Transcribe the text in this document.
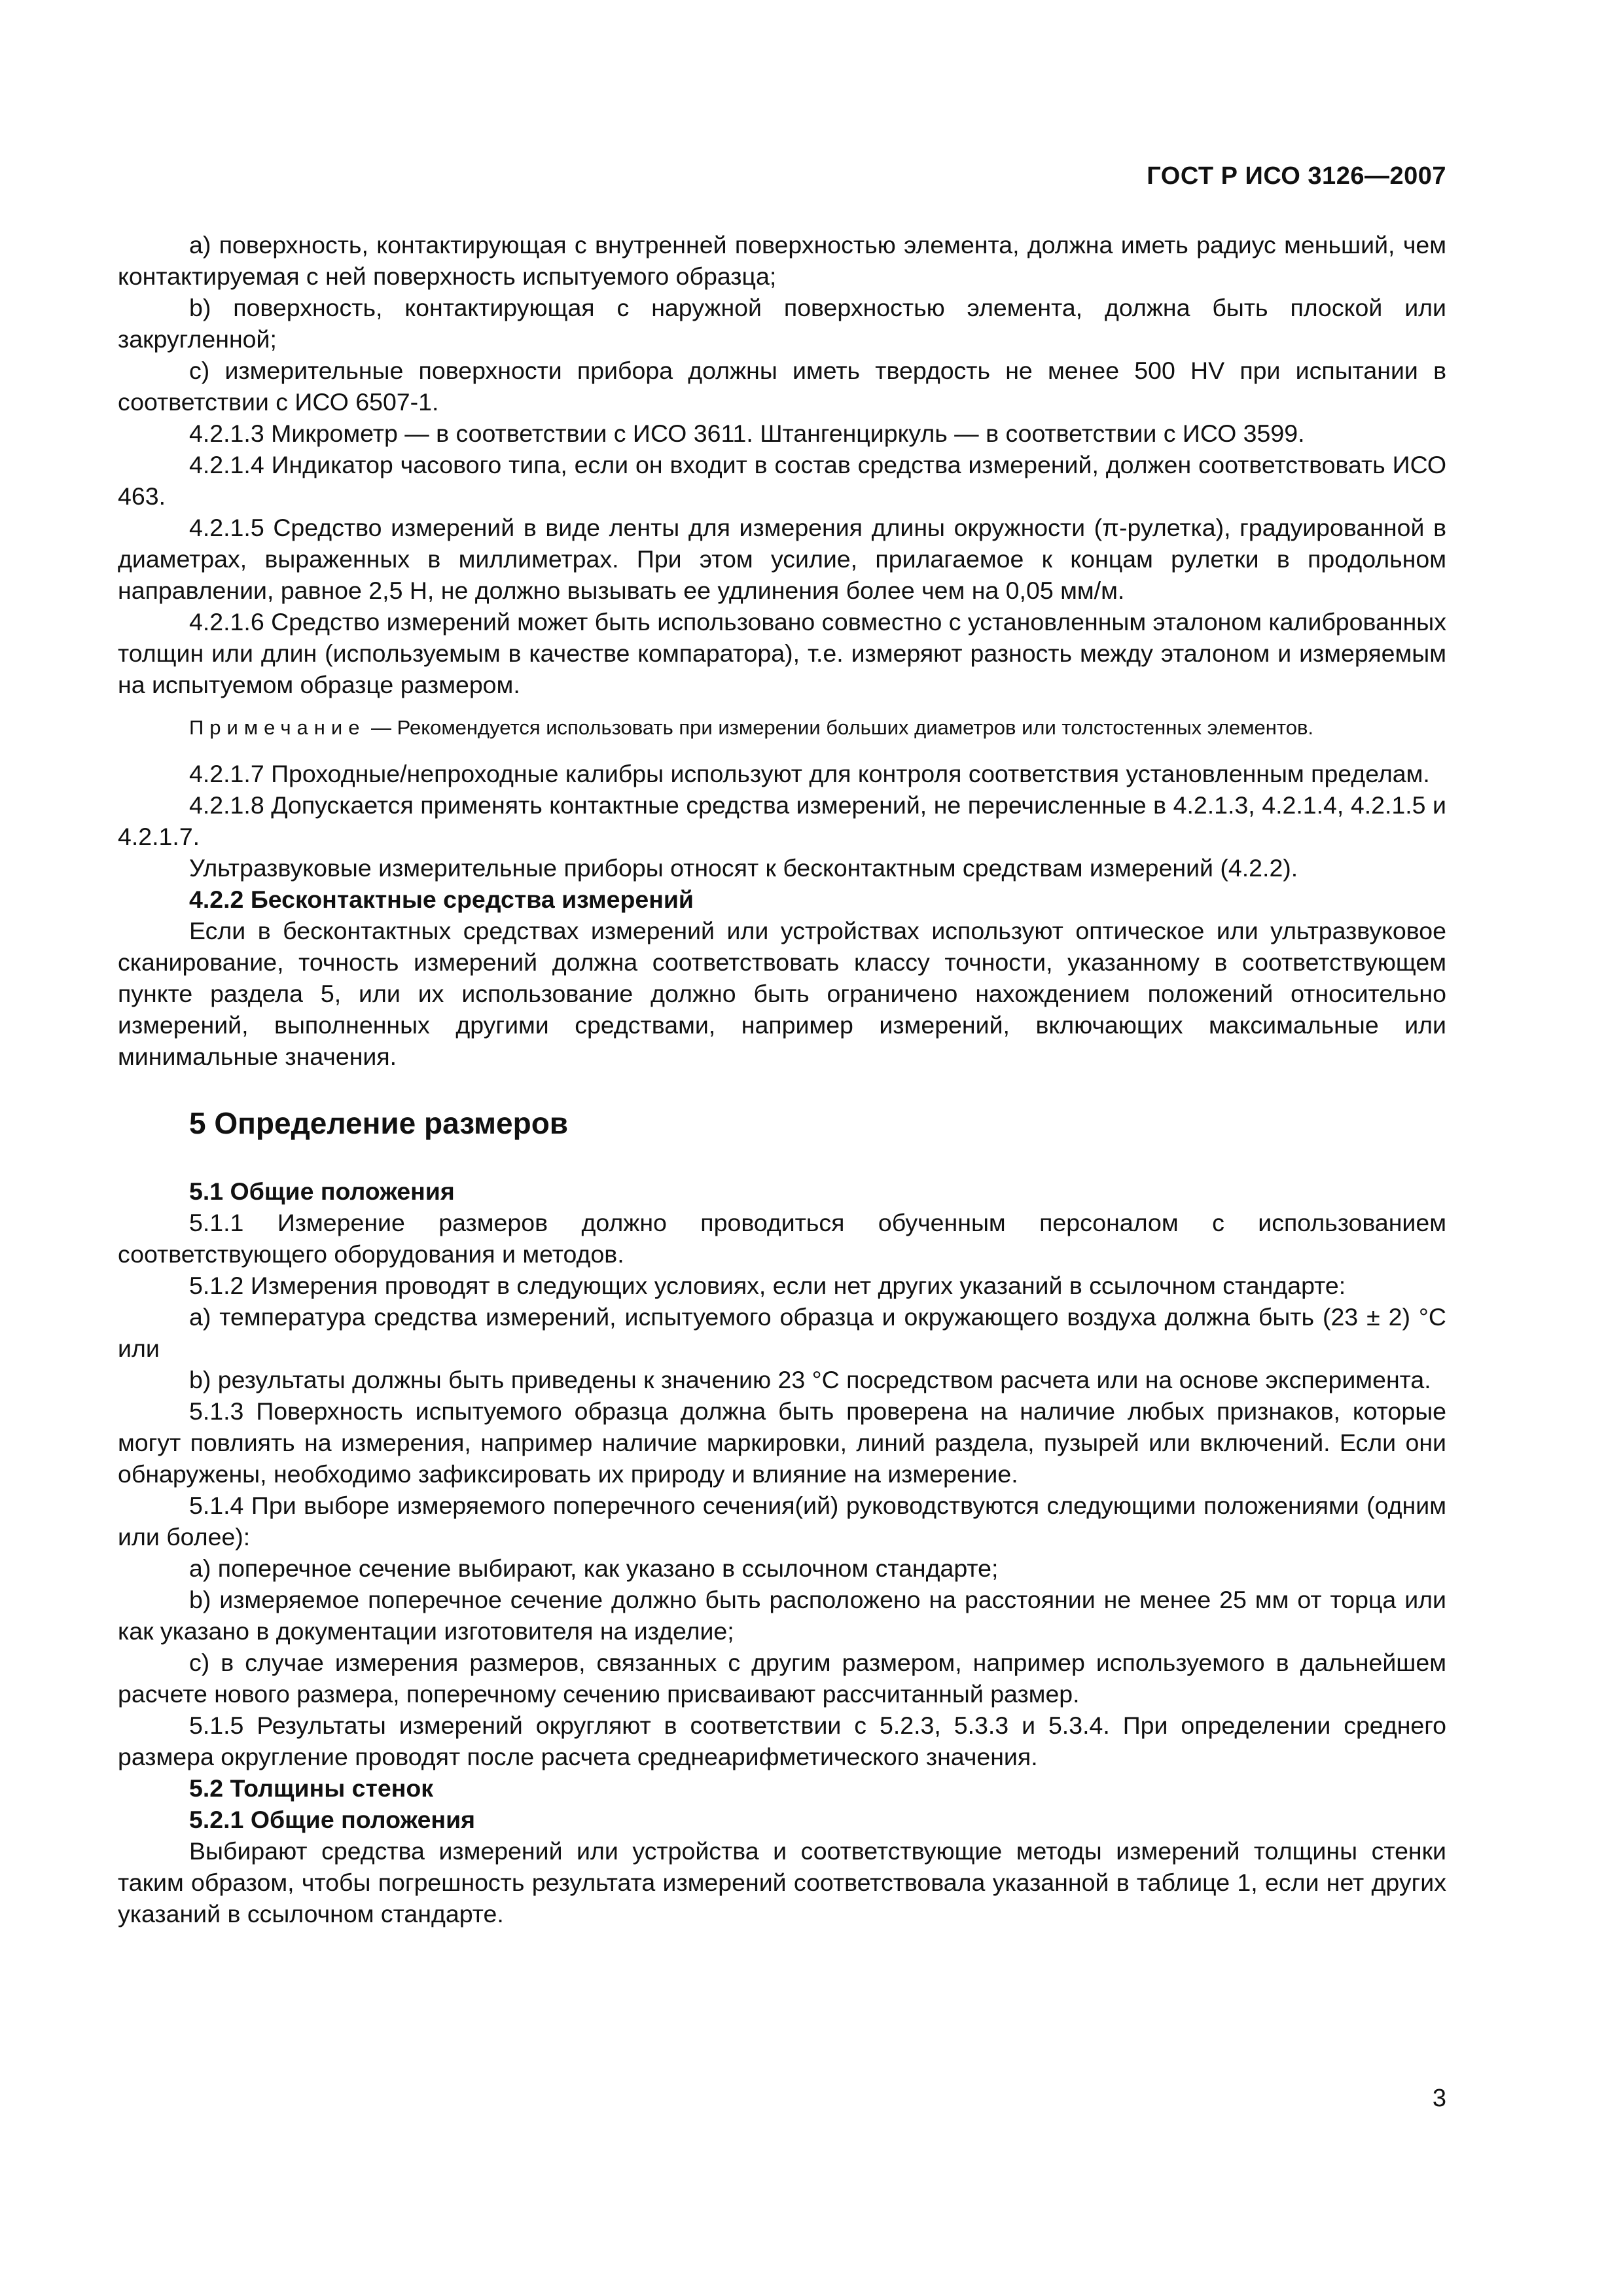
ГОСТ Р ИСО 3126—2007

а) поверхность, контактирующая с внутренней поверхностью элемента, должна иметь радиус меньший, чем контактируемая с ней поверхность испытуемого образца;

b) поверхность, контактирующая с наружной поверхностью элемента, должна быть плоской или закругленной;

с) измерительные поверхности прибора должны иметь твердость не менее 500 HV при испытании в соответствии с ИСО 6507-1.

4.2.1.3 Микрометр — в соответствии с ИСО 3611. Штангенциркуль — в соответствии с ИСО 3599.

4.2.1.4 Индикатор часового типа, если он входит в состав средства измерений, должен соответствовать ИСО 463.

4.2.1.5 Средство измерений в виде ленты для измерения длины окружности (π-рулетка), градуированной в диаметрах, выраженных в миллиметрах. При этом усилие, прилагаемое к концам рулетки в продольном направлении, равное 2,5 Н, не должно вызывать ее удлинения более чем на 0,05 мм/м.

4.2.1.6 Средство измерений может быть использовано совместно с установленным эталоном калиброванных толщин или длин (используемым в качестве компаратора), т.е. измеряют разность между эталоном и измеряемым на испытуемом образце размером.

Примечание — Рекомендуется использовать при измерении больших диаметров или толстостенных элементов.

4.2.1.7 Проходные/непроходные калибры используют для контроля соответствия установленным пределам.

4.2.1.8 Допускается применять контактные средства измерений, не перечисленные в 4.2.1.3, 4.2.1.4, 4.2.1.5 и 4.2.1.7.

Ультразвуковые измерительные приборы относят к бесконтактным средствам измерений (4.2.2).

4.2.2 Бесконтактные средства измерений

Если в бесконтактных средствах измерений или устройствах используют оптическое или ультразвуковое сканирование, точность измерений должна соответствовать классу точности, указанному в соответствующем пункте раздела 5, или их использование должно быть ограничено нахождением положений относительно измерений, выполненных другими средствами, например измерений, включающих максимальные или минимальные значения.

5 Определение размеров

5.1 Общие положения

5.1.1 Измерение размеров должно проводиться обученным персоналом с использованием соответствующего оборудования и методов.

5.1.2 Измерения проводят в следующих условиях, если нет других указаний в ссылочном стандарте:

а) температура средства измерений, испытуемого образца и окружающего воздуха должна быть (23 ± 2) °С или

b) результаты должны быть приведены к значению 23 °С посредством расчета или на основе эксперимента.

5.1.3 Поверхность испытуемого образца должна быть проверена на наличие любых признаков, которые могут повлиять на измерения, например наличие маркировки, линий раздела, пузырей или включений. Если они обнаружены, необходимо зафиксировать их природу и влияние на измерение.

5.1.4 При выборе измеряемого поперечного сечения(ий) руководствуются следующими положениями (одним или более):

а) поперечное сечение выбирают, как указано в ссылочном стандарте;

b) измеряемое поперечное сечение должно быть расположено на расстоянии не менее 25 мм от торца или как указано в документации изготовителя на изделие;

с) в случае измерения размеров, связанных с другим размером, например используемого в дальнейшем расчете нового размера, поперечному сечению присваивают рассчитанный размер.

5.1.5 Результаты измерений округляют в соответствии с 5.2.3, 5.3.3 и 5.3.4. При определении среднего размера округление проводят после расчета среднеарифметического значения.

5.2 Толщины стенок

5.2.1 Общие положения

Выбирают средства измерений или устройства и соответствующие методы измерений толщины стенки таким образом, чтобы погрешность результата измерений соответствовала указанной в таблице 1, если нет других указаний в ссылочном стандарте.

3
